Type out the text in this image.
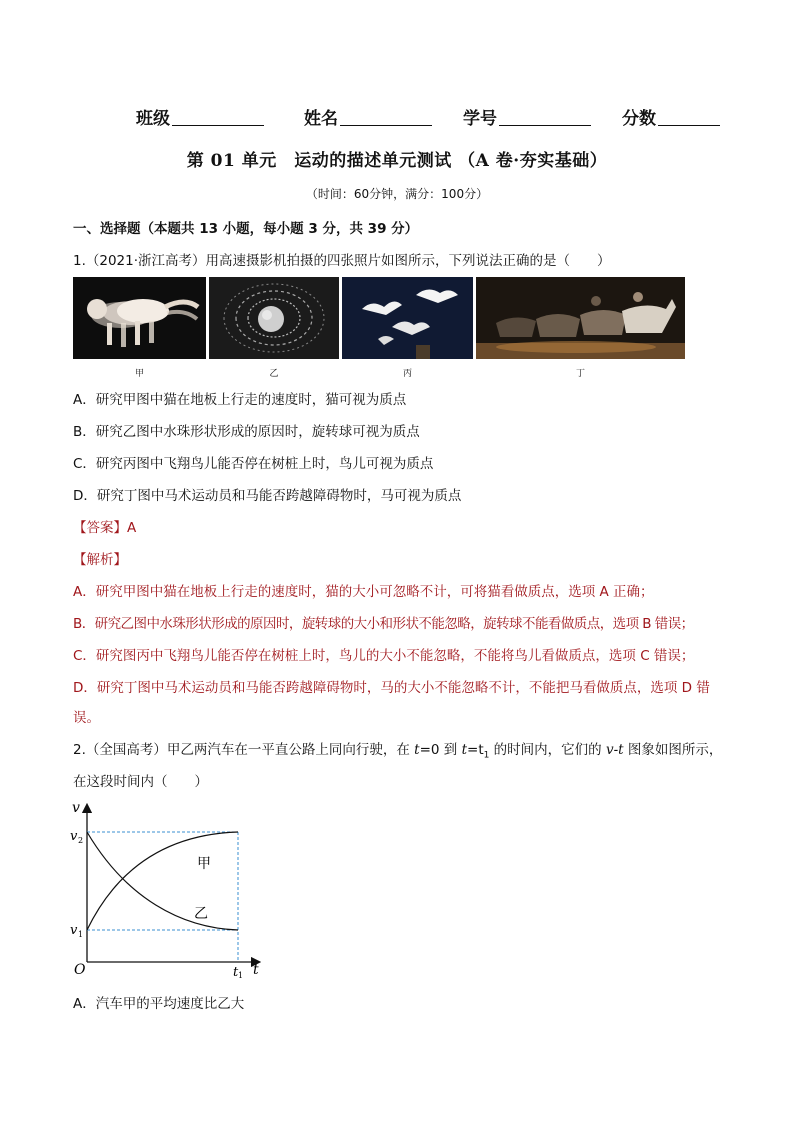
班级	姓名	学号	分数
第 01 单元　运动的描述单元测试 （A 卷·夯实基础）
（时间：60分钟，满分：100分）
一、选择题（本题共 13 小题，每小题 3 分，共 39 分）
1.（2021·浙江高考）用高速摄影机拍摄的四张照片如图所示，下列说法正确的是（　　）
甲	乙	丙	丁
A．研究甲图中猫在地板上行走的速度时，猫可视为质点
B．研究乙图中水珠形状形成的原因时，旋转球可视为质点
C．研究丙图中飞翔鸟儿能否停在树桩上时，鸟儿可视为质点
D．研究丁图中马术运动员和马能否跨越障碍物时，马可视为质点
【答案】A
【解析】
A．研究甲图中猫在地板上行走的速度时，猫的大小可忽略不计，可将猫看做质点，选项 A 正确；
B．研究乙图中水珠形状形成的原因时，旋转球的大小和形状不能忽略，旋转球不能看做质点，选项 B 错误；
C．研究图丙中飞翔鸟儿能否停在树桩上时，鸟儿的大小不能忽略，不能将鸟儿看做质点，选项 C 错误；
D．研究丁图中马术运动员和马能否跨越障碍物时，马的大小不能忽略不计，不能把马看做质点，选项 D 错
误。
2.（全国高考）甲乙两汽车在一平直公路上同向行驶，在 t=0 到 $t=t_1$ 的时间内，它们的 v-t 图象如图所示，
在这段时间内（　　）
v
v 2
v 1
O	t 1 t
甲
乙
A．汽车甲的平均速度比乙大
